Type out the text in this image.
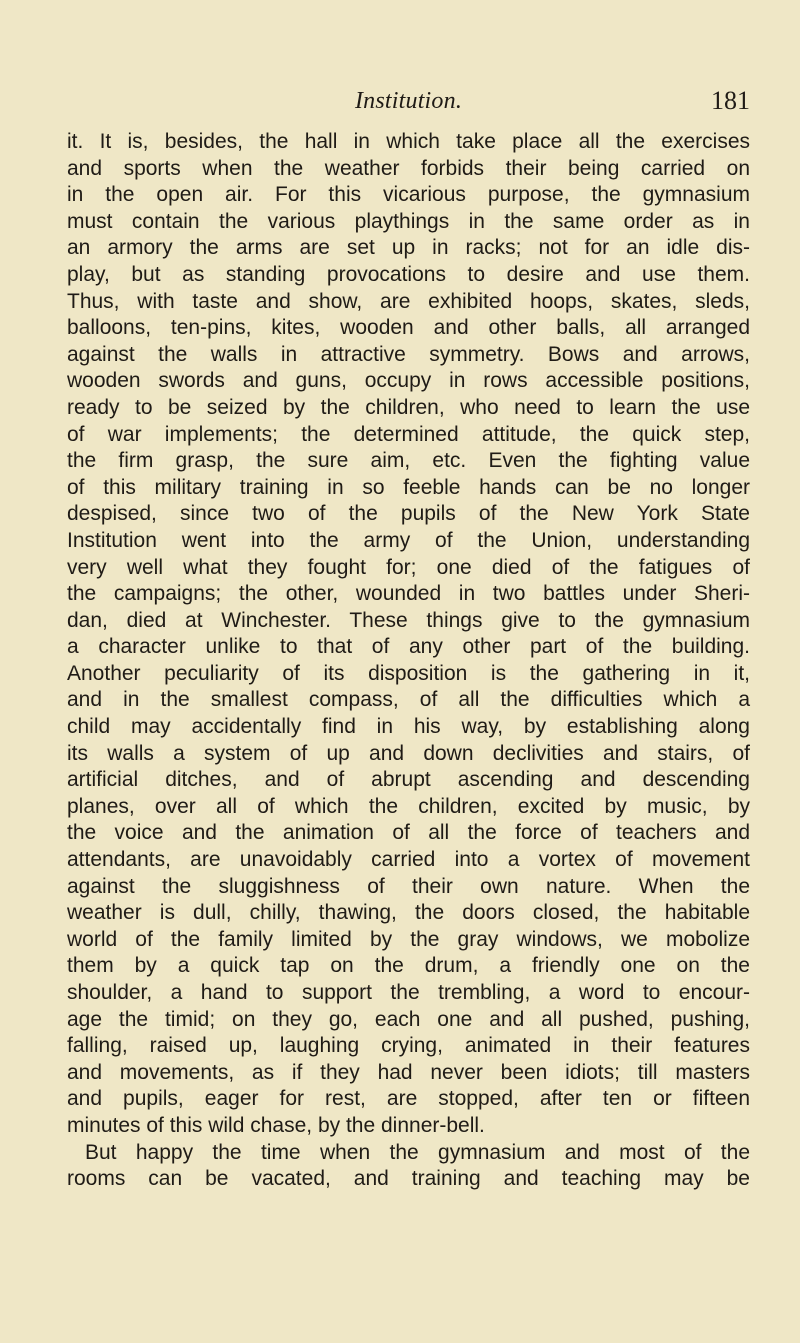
Institution.	181
it. It is, besides, the hall in which take place all the exercises
and sports when the weather forbids their being carried on
in the open air. For this vicarious purpose, the gymnasium
must contain the various playthings in the same order as in
an armory the arms are set up in racks; not for an idle dis-
play, but as standing provocations to desire and use them.
Thus, with taste and show, are exhibited hoops, skates, sleds,
balloons, ten-pins, kites, wooden and other balls, all arranged
against the walls in attractive symmetry. Bows and arrows,
wooden swords and guns, occupy in rows accessible positions,
ready to be seized by the children, who need to learn the use
of war implements; the determined attitude, the quick step,
the firm grasp, the sure aim, etc. Even the fighting value
of this military training in so feeble hands can be no longer
despised, since two of the pupils of the New York State
Institution went into the army of the Union, understanding
very well what they fought for; one died of the fatigues of
the campaigns; the other, wounded in two battles under Sheri-
dan, died at Winchester. These things give to the gymnasium
a character unlike to that of any other part of the building.
Another peculiarity of its disposition is the gathering in it,
and in the smallest compass, of all the difficulties which a
child may accidentally find in his way, by establishing along
its walls a system of up and down declivities and stairs, of
artificial ditches, and of abrupt ascending and descending
planes, over all of which the children, excited by music, by
the voice and the animation of all the force of teachers and
attendants, are unavoidably carried into a vortex of movement
against the sluggishness of their own nature. When the
weather is dull, chilly, thawing, the doors closed, the habitable
world of the family limited by the gray windows, we mobolize
them by a quick tap on the drum, a friendly one on the
shoulder, a hand to support the trembling, a word to encour-
age the timid; on they go, each one and all pushed, pushing,
falling, raised up, laughing crying, animated in their features
and movements, as if they had never been idiots; till masters
and pupils, eager for rest, are stopped, after ten or fifteen
minutes of this wild chase, by the dinner-bell.
But happy the time when the gymnasium and most of the
rooms can be vacated, and training and teaching may be
